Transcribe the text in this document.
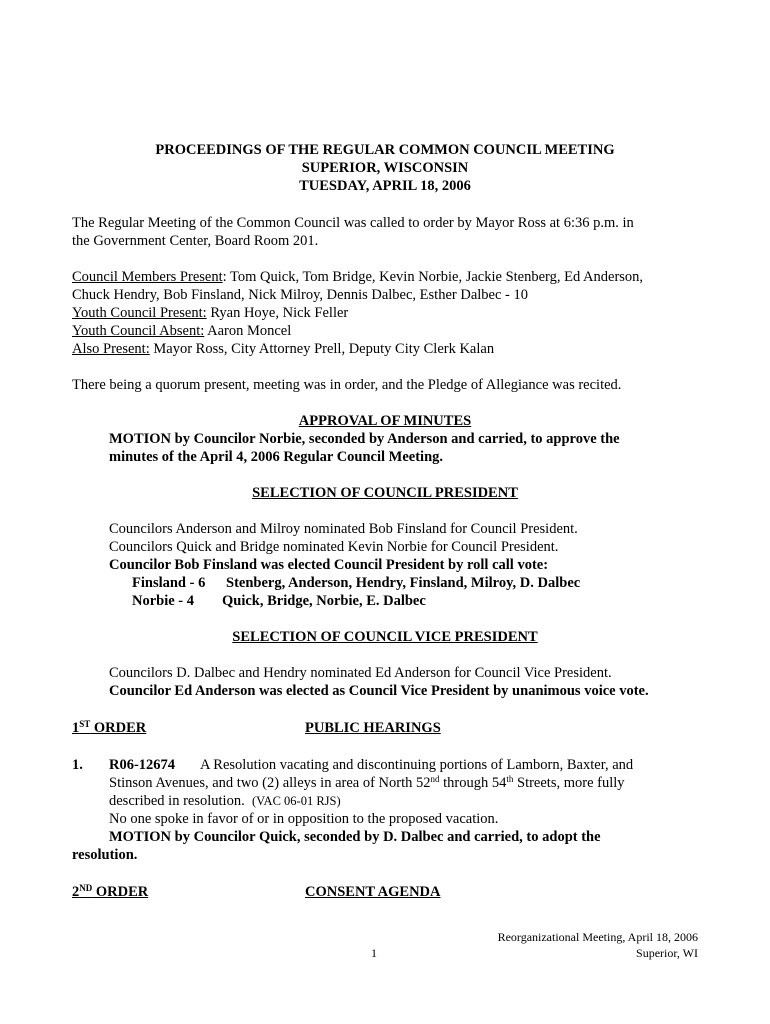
PROCEEDINGS OF THE REGULAR COMMON COUNCIL MEETING
SUPERIOR, WISCONSIN
TUESDAY, APRIL 18, 2006
The Regular Meeting of the Common Council was called to order by Mayor Ross at 6:36 p.m. in
the Government Center, Board Room 201.
Council Members Present: Tom Quick, Tom Bridge, Kevin Norbie, Jackie Stenberg, Ed Anderson,
Chuck Hendry, Bob Finsland, Nick Milroy, Dennis Dalbec, Esther Dalbec - 10
Youth Council Present: Ryan Hoye, Nick Feller
Youth Council Absent: Aaron Moncel
Also Present: Mayor Ross, City Attorney Prell, Deputy City Clerk Kalan
There being a quorum present, meeting was in order, and the Pledge of Allegiance was recited.
APPROVAL OF MINUTES
MOTION by Councilor Norbie, seconded by Anderson and carried, to approve the
minutes of the April 4, 2006 Regular Council Meeting.
SELECTION OF COUNCIL PRESIDENT
Councilors Anderson and Milroy nominated Bob Finsland for Council President.
Councilors Quick and Bridge nominated Kevin Norbie for Council President.
Councilor Bob Finsland was elected Council President by roll call vote:
Finsland - 6 Stenberg, Anderson, Hendry, Finsland, Milroy, D. Dalbec
Norbie - 4 Quick, Bridge, Norbie, E. Dalbec
SELECTION OF COUNCIL VICE PRESIDENT
Councilors D. Dalbec and Hendry nominated Ed Anderson for Council Vice President.
Councilor Ed Anderson was elected as Council Vice President by unanimous voice vote.
1ST ORDER	PUBLIC HEARINGS
1. R06-12674 A Resolution vacating and discontinuing portions of Lamborn, Baxter, and
Stinson Avenues, and two (2) alleys in area of North 52nd through 54th Streets, more fully
described in resolution. (VAC 06-01 RJS)
No one spoke in favor of or in opposition to the proposed vacation.
MOTION by Councilor Quick, seconded by D. Dalbec and carried, to adopt the
resolution.
2ND ORDER	CONSENT AGENDA
Reorganizational Meeting, April 18, 2006
1	Superior, WI
